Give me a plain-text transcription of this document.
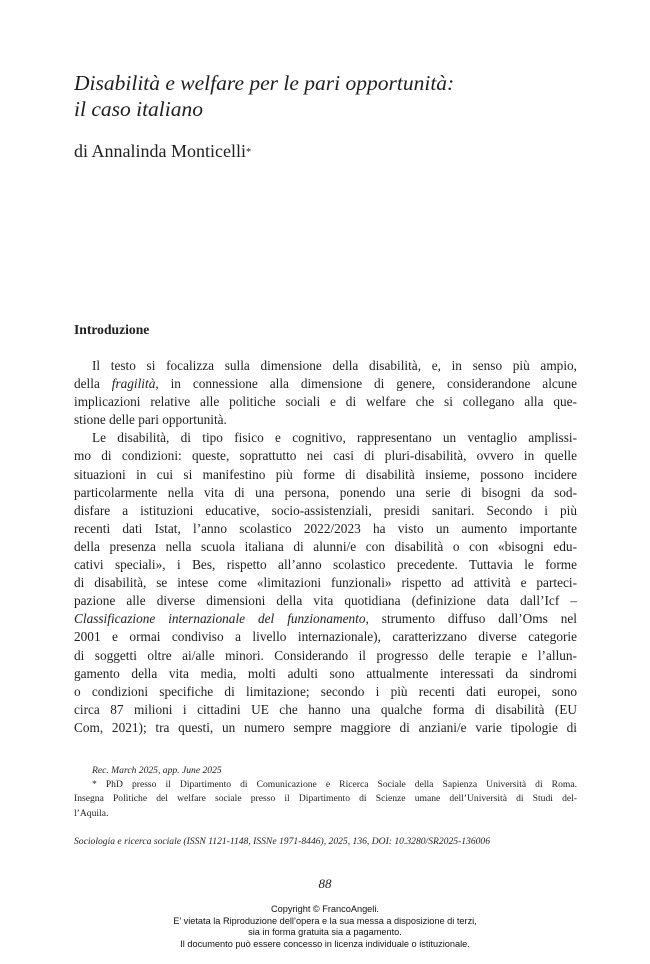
Disabilità e welfare per le pari opportunità:
il caso italiano
di Annalinda Monticelli*
Introduzione
Il testo si focalizza sulla dimensione della disabilità, e, in senso più ampio,
della fragilità, in connessione alla dimensione di genere, considerandone alcune
implicazioni relative alle politiche sociali e di welfare che si collegano alla que-
stione delle pari opportunità.
Le disabilità, di tipo fisico e cognitivo, rappresentano un ventaglio amplissi-
mo di condizioni: queste, soprattutto nei casi di pluri-disabilità, ovvero in quelle
situazioni in cui si manifestino più forme di disabilità insieme, possono incidere
particolarmente nella vita di una persona, ponendo una serie di bisogni da sod-
disfare a istituzioni educative, socio-assistenziali, presidi sanitari. Secondo i più
recenti dati Istat, l’anno scolastico 2022/2023 ha visto un aumento importante
della presenza nella scuola italiana di alunni/e con disabilità o con «bisogni edu-
cativi speciali», i Bes, rispetto all’anno scolastico precedente. Tuttavia le forme
di disabilità, se intese come «limitazioni funzionali» rispetto ad attività e parteci-
pazione alle diverse dimensioni della vita quotidiana (definizione data dall’Icf –
Classificazione internazionale del funzionamento, strumento diffuso dall’Oms nel
2001 e ormai condiviso a livello internazionale), caratterizzano diverse categorie
di soggetti oltre ai/alle minori. Considerando il progresso delle terapie e l’allun-
gamento della vita media, molti adulti sono attualmente interessati da sindromi
o condizioni specifiche di limitazione; secondo i più recenti dati europei, sono
circa 87 milioni i cittadini UE che hanno una qualche forma di disabilità (EU
Com, 2021); tra questi, un numero sempre maggiore di anziani/e varie tipologie di
Rec. March 2025, app. June 2025
* PhD presso il Dipartimento di Comunicazione e Ricerca Sociale della Sapienza Università di Roma.
Insegna Politiche del welfare sociale presso il Dipartimento di Scienze umane dell’Università di Studi del-
l’Aquila.
Sociologia e ricerca sociale (ISSN 1121-1148, ISSNe 1971-8446), 2025, 136, DOI: 10.3280/SR2025-136006
88
Copyright © FrancoAngeli.
E’ vietata la Riproduzione dell’opera e la sua messa a disposizione di terzi,
sia in forma gratuita sia a pagamento.
Il documento può essere concesso in licenza individuale o istituzionale.
